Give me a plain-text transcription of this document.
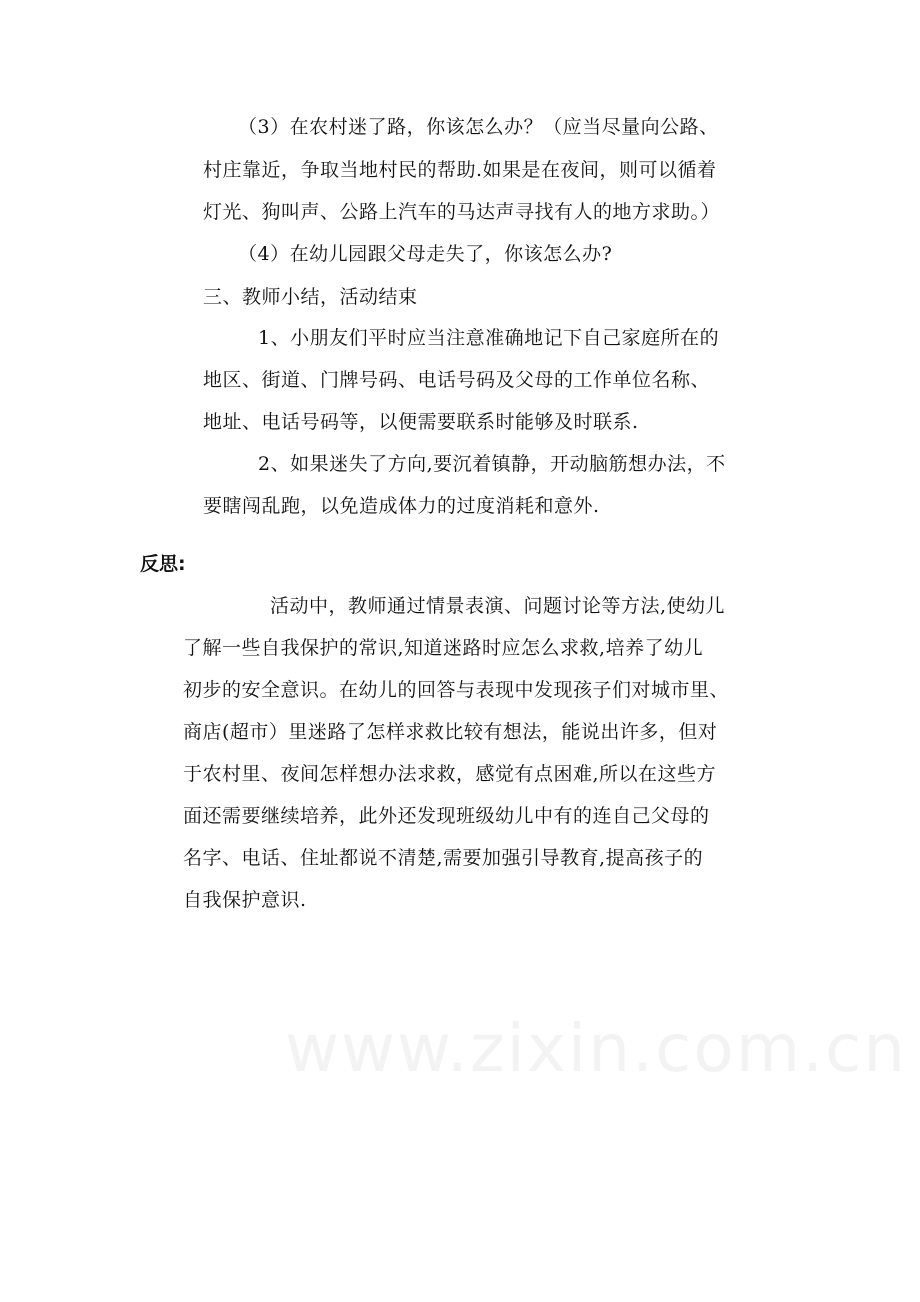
（3）在农村迷了路，你该怎么办？（应当尽量向公路、
村庄靠近，争取当地村民的帮助.如果是在夜间，则可以循着
灯光、狗叫声、公路上汽车的马达声寻找有人的地方求助。）
（4）在幼儿园跟父母走失了，你该怎么办?
三、教师小结，活动结束
1、小朋友们平时应当注意准确地记下自己家庭所在的
地区、街道、门牌号码、电话号码及父母的工作单位名称、
地址、电话号码等，以便需要联系时能够及时联系.
2、如果迷失了方向,要沉着镇静，开动脑筋想办法，不
要瞎闯乱跑，以免造成体力的过度消耗和意外.
反思:
活动中，教师通过情景表演、问题讨论等方法,使幼儿
了解一些自我保护的常识,知道迷路时应怎么求救,培养了幼儿
初步的安全意识。在幼儿的回答与表现中发现孩子们对城市里、
商店(超市）里迷路了怎样求救比较有想法，能说出许多，但对
于农村里、夜间怎样想办法求救，感觉有点困难,所以在这些方
面还需要继续培养，此外还发现班级幼儿中有的连自己父母的
名字、电话、住址都说不清楚,需要加强引导教育,提高孩子的
自我保护意识.
www.zixin.com.cn
